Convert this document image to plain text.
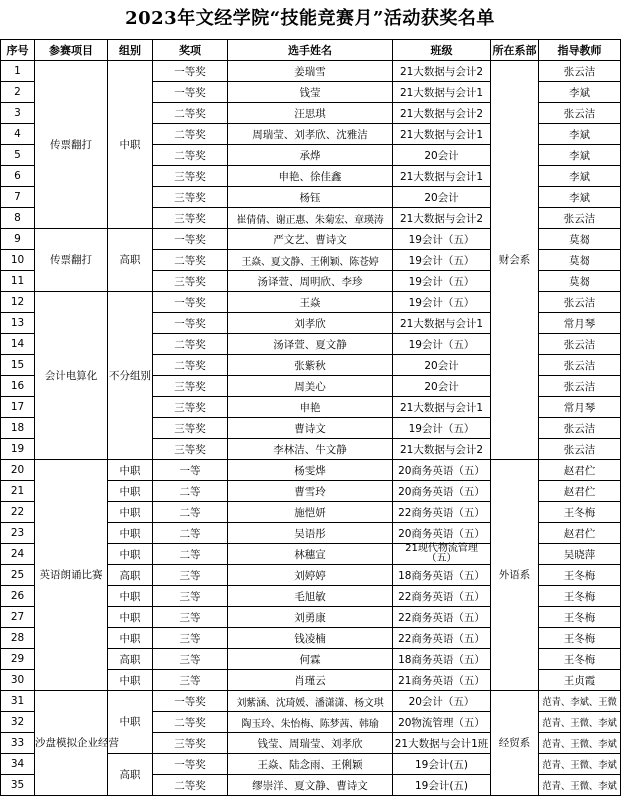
2023年文经学院“技能竞赛月”活动获奖名单
序号	参赛项目	组别	奖项	选手姓名	班级	所在系部	指导教师
1	传票翻打	中职	一等奖	姜瑞雪	21大数据与会计2	财会系	张云洁
2			一等奖	钱莹	21大数据与会计1		李斌
3			二等奖	汪思琪	21大数据与会计2		张云洁
4			二等奖	周瑞莹、刘孝欣、沈雅洁	21大数据与会计1		李斌
5			二等奖	承烨	20会计		李斌
6			三等奖	申艳、徐佳鑫	21大数据与会计1		李斌
7			三等奖	杨钰	20会计		李斌
8			三等奖	崔倩倩、谢正惠、朱菊宏、章瑛涛	21大数据与会计2		张云洁
9	传票翻打	高职	一等奖	严文艺、曹诗文	19会计（五）		莫芻
10			二等奖	王焱、夏文静、王俐颖、陈苍婷	19会计（五）		莫芻
11			三等奖	汤译萱、周明欣、李珍	19会计（五）		莫芻
12	会计电算化	不分组别	一等奖	王焱	19会计（五）		张云洁
13			一等奖	刘孝欣	21大数据与会计1		常月琴
14			二等奖	汤译萱、夏文静	19会计（五）		张云洁
15			二等奖	张紫秋	20会计		张云洁
16			三等奖	周美心	20会计		张云洁
17			三等奖	申艳	21大数据与会计1		常月琴
18			三等奖	曹诗文	19会计（五）		张云洁
19			三等奖	李林洁、牛文静	21大数据与会计2		张云洁
20	英语朗诵比赛	中职	一等	杨雯烨	20商务英语（五）	外语系	赵君伫
21		中职	二等	曹雪玲	20商务英语（五）		赵君伫
22		中职	二等	施恺妍	22商务英语（五）		王冬梅
23		中职	二等	吴语彤	20商务英语（五）		赵君伫
24		中职	二等	林穗宣	21现代物流管理（五）		吴晓萍
25		高职	三等	刘婷婷	18商务英语（五）		王冬梅
26		中职	三等	毛旭敏	22商务英语（五）		王冬梅
27		中职	三等	刘勇康	22商务英语（五）		王冬梅
28		中职	三等	钱凌楠	22商务英语（五）		王冬梅
29		高职	三等	何霖	18商务英语（五）		王冬梅
30		中职	三等	肖瑾云	21商务英语（五）		王贞霞
31	沙盘模拟企业经营	中职	一等奖	刘紫涵、沈琦媛、潘潇潇、杨文琪	20会计（五）	经贸系	范青、李斌、王微
32			二等奖	陶玉玲、朱怡梅、陈梦茜、韩瑜	20物流管理（五）		范青、王微、李斌
33			三等奖	钱莹、周瑞莹、刘孝欣	21大数据与会计1班		范青、王微、李斌
34		高职	一等奖	王焱、陆念雨、王俐颖	19会计(五)		范青、王微、李斌
35			二等奖	缪崇洋、夏文静、曹诗文	19会计(五)		范青、王微、李斌
